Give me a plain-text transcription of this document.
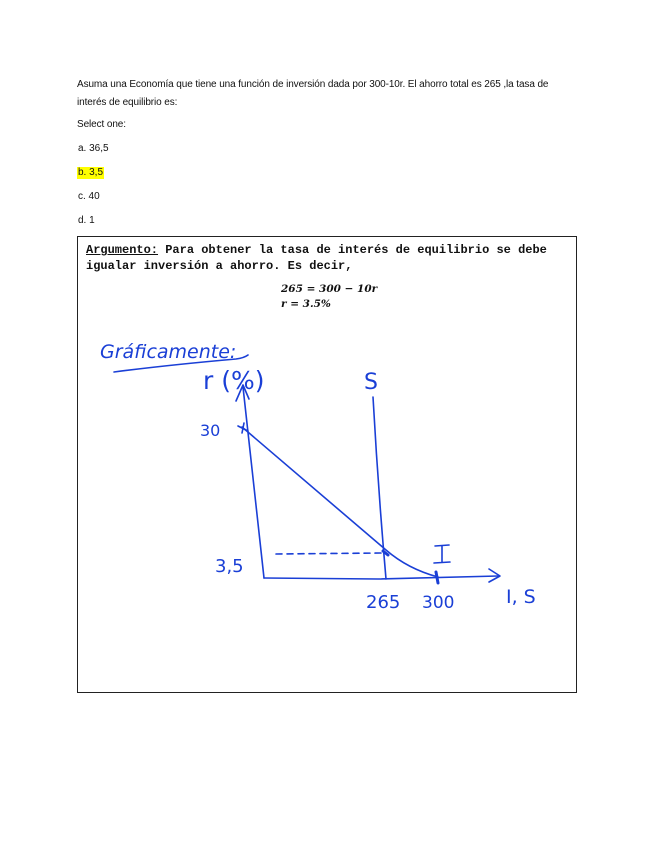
Asuma una Economía que tiene una función de inversión dada por 300-10r. El ahorro total es 265 ,la tasa de interés de equilibrio es:
Select one:
a. 36,5
b. 3,5
c. 40
d. 1
Argumento: Para obtener la tasa de interés de equilibrio se debe igualar inversión a ahorro. Es decir,
265 = 300 − 10r
r = 3.5%
Gráficamente:
r (%)	S
30
3,5
265 300	I, S
